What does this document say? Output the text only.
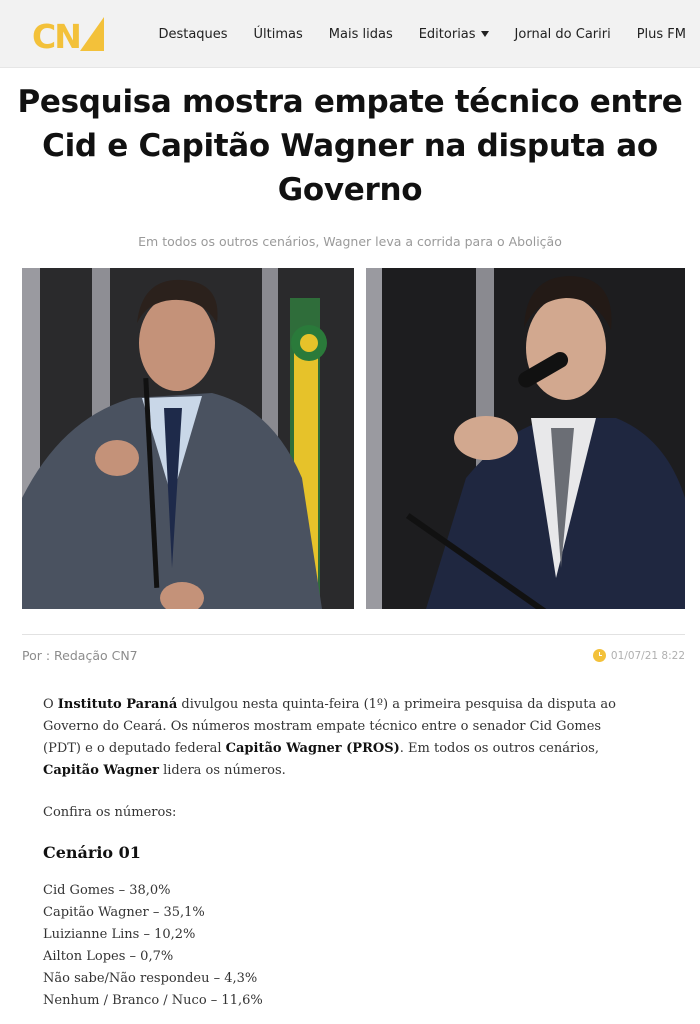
CN	Destaques Últimas Mais lidas Editorias	Jornal do Cariri Plus FM
Pesquisa mostra empate técnico entre Cid e Capitão Wagner na disputa ao Governo
Em todos os outros cenários, Wagner leva a corrida para o Abolição
Por : Redação CN7	01/07/21 8:22

O Instituto Paraná divulgou nesta quinta-feira (1º) a primeira pesquisa da disputa ao Governo do Ceará. Os números mostram empate técnico entre o senador Cid Gomes (PDT) e o deputado federal Capitão Wagner (PROS). Em todos os outros cenários, Capitão Wagner lidera os números.

Confira os números:
Cenário 01
Cid Gomes – 38,0%
Capitão Wagner – 35,1%
Luizianne Lins – 10,2%
Ailton Lopes – 0,7%
Não sabe/Não respondeu – 4,3%
Nenhum / Branco / Nuco – 11,6%
